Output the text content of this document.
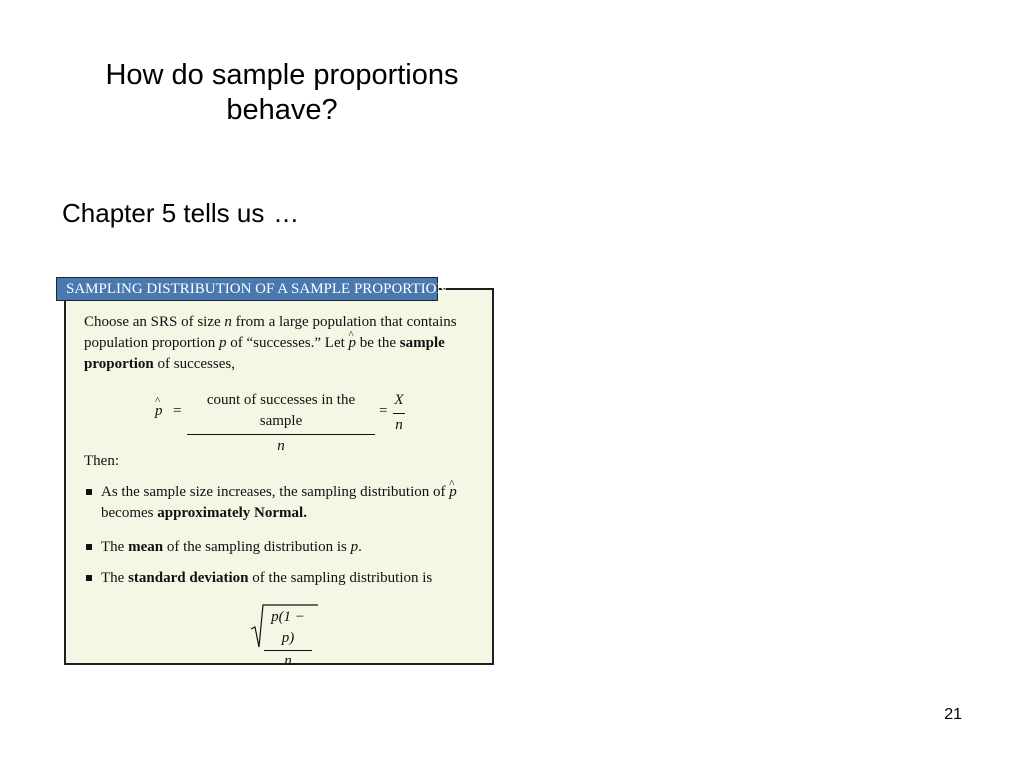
How do sample proportions behave?
Chapter 5 tells us ...
SAMPLING DISTRIBUTION OF A SAMPLE PROPORTION
Choose an SRS of size n from a large population that contains population proportion p of “successes.” Let ^ p be the sample proportion of successes,
^ p =
count of successes in the sample
n
= $\frac{X}{n}$
Then:
As the sample size increases, the sampling distribution of ^ p
becomes approximately Normal.
The mean of the sampling distribution is p.
The standard deviation of the sampling distribution is
$\frac{p(1 - p)}{n}$
21
